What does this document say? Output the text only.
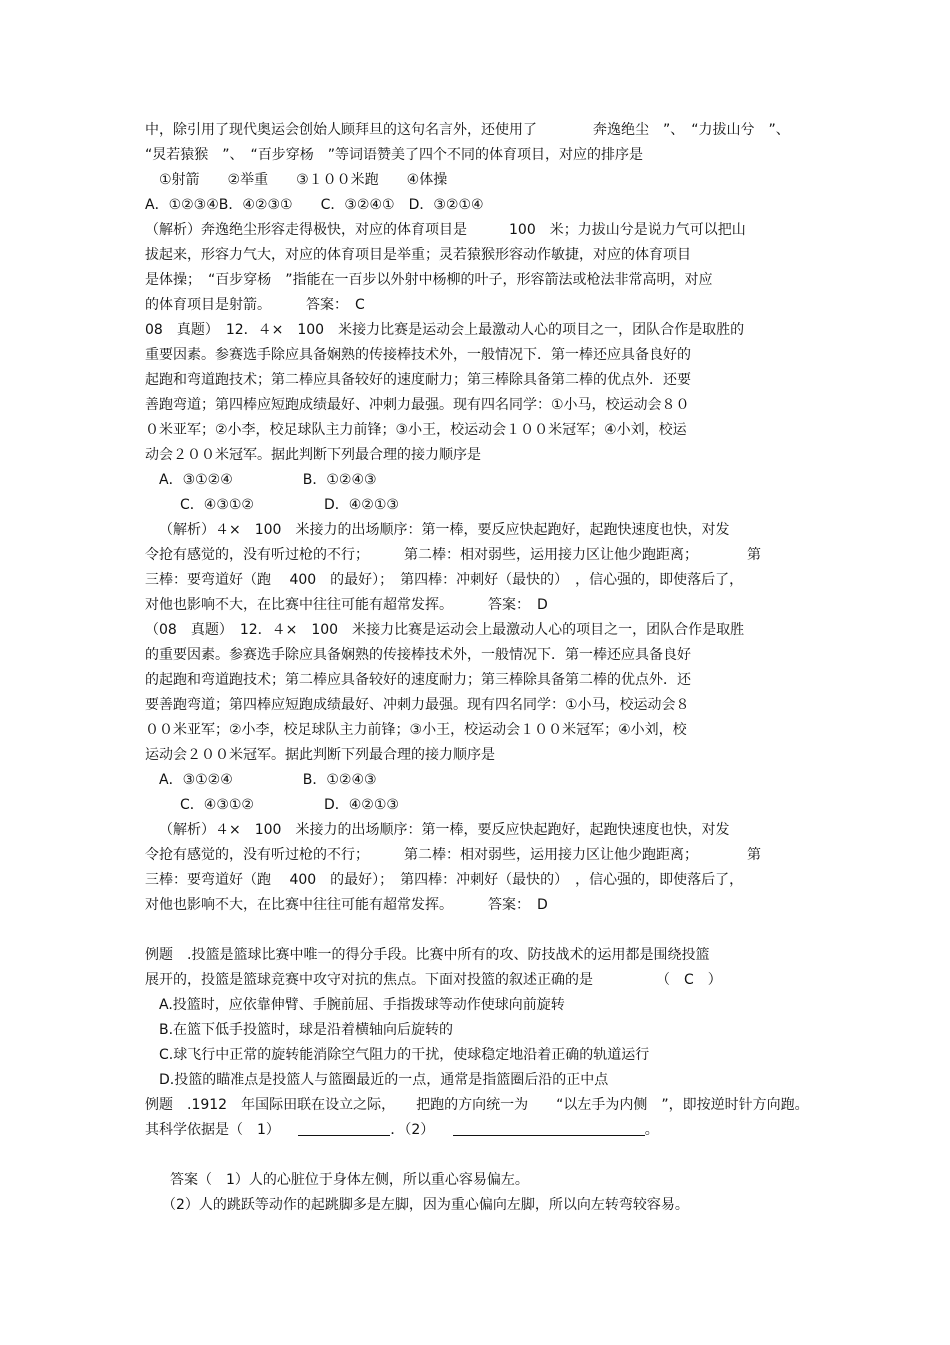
中，除引用了现代奥运会创始人顾拜旦的这句名言外，还使用了　　　　奔逸绝尘　”、　“力拔山兮　”、
“炅若猿猴　”、　“百步穿杨　”等词语赞美了四个不同的体育项目，对应的排序是
①射箭　　②举重　　③１００米跑　　④体操
A．①②③④B．④②③①　　C．③②④①　D．③②①④
（解析）奔逸绝尘形容走得极快，对应的体育项目是　　　100　米；力拔山兮是说力气可以把山
拔起来，形容力气大，对应的体育项目是举重；灵若猿猴形容动作敏捷，对应的体育项目
是体操；　“百步穿杨　”指能在一百步以外射中杨柳的叶子，形容箭法或枪法非常高明，对应
的体育项目是射箭。　　　答案：　C
08　真题）　12．４×　100　米接力比赛是运动会上最激动人心的项目之一，团队合作是取胜的
重要因素。参赛选手除应具备娴熟的传接棒技术外，一般情况下．第一棒还应具备良好的
起跑和弯道跑技术；第二棒应具备较好的速度耐力；第三棒除具备第二棒的优点外．还要
善跑弯道；第四棒应短跑成绩最好、冲刺力最强。现有四名同学：①小马，校运动会８０
０米亚军；②小李，校足球队主力前锋；③小王，校运动会１００米冠军；④小刘，校运
动会２００米冠军。据此判断下列最合理的接力顺序是
A．③①②④　　　　　B．①②④③
C．④③①②　　　　　D．④②①③
（解析）４×　100　米接力的出场顺序：第一棒，要反应快起跑好，起跑快速度也快，对发
令抢有感觉的，没有听过枪的不行；　　　第二棒：相对弱些，运用接力区让他少跑距离；　　　　第
三棒：要弯道好（跑　 400　的最好）；　第四棒：冲刺好（最快的）　，信心强的，即使落后了，
对他也影响不大，在比赛中往往可能有超常发挥。　　　答案：　D
（08　真题）　12．４×　100　米接力比赛是运动会上最激动人心的项目之一，团队合作是取胜
的重要因素。参赛选手除应具备娴熟的传接棒技术外，一般情况下．第一棒还应具备良好
的起跑和弯道跑技术；第二棒应具备较好的速度耐力；第三棒除具备第二棒的优点外．还
要善跑弯道；第四棒应短跑成绩最好、冲刺力最强。现有四名同学：①小马，校运动会８
００米亚军；②小李，校足球队主力前锋；③小王，校运动会１００米冠军；④小刘，校
运动会２００米冠军。据此判断下列最合理的接力顺序是
A．③①②④　　　　　B．①②④③
C．④③①②　　　　　D．④②①③
（解析）４×　100　米接力的出场顺序：第一棒，要反应快起跑好，起跑快速度也快，对发
令抢有感觉的，没有听过枪的不行；　　　第二棒：相对弱些，运用接力区让他少跑距离；　　　　第
三棒：要弯道好（跑　 400　的最好）；　第四棒：冲刺好（最快的）　，信心强的，即使落后了，
对他也影响不大，在比赛中往往可能有超常发挥。　　　答案：　D
例题　.投篮是篮球比赛中唯一的得分手段。比赛中所有的攻、防技战术的运用都是围绕投篮
展开的，投篮是篮球竞赛中攻守对抗的焦点。下面对投篮的叙述正确的是　　　　　（　C　）
A.投篮时，应依靠伸臂、手腕前屈、手指拨球等动作使球向前旋转
B.在篮下低手投篮时，球是沿着横轴向后旋转的
C.球飞行中正常的旋转能消除空气阻力的干扰，使球稳定地沿着正确的轨道运行
D.投篮的瞄准点是投篮人与篮圈最近的一点，通常是指篮圈后沿的正中点
例题　.1912　年国际田联在设立之际，　　把跑的方向统一为　　“以左手为内侧　”，即按逆时针方向跑。
其科学依据是（　1）	．（2）	。
答案（　1）人的心脏位于身体左侧，所以重心容易偏左。
（2）人的跳跃等动作的起跳脚多是左脚，因为重心偏向左脚，所以向左转弯较容易。
